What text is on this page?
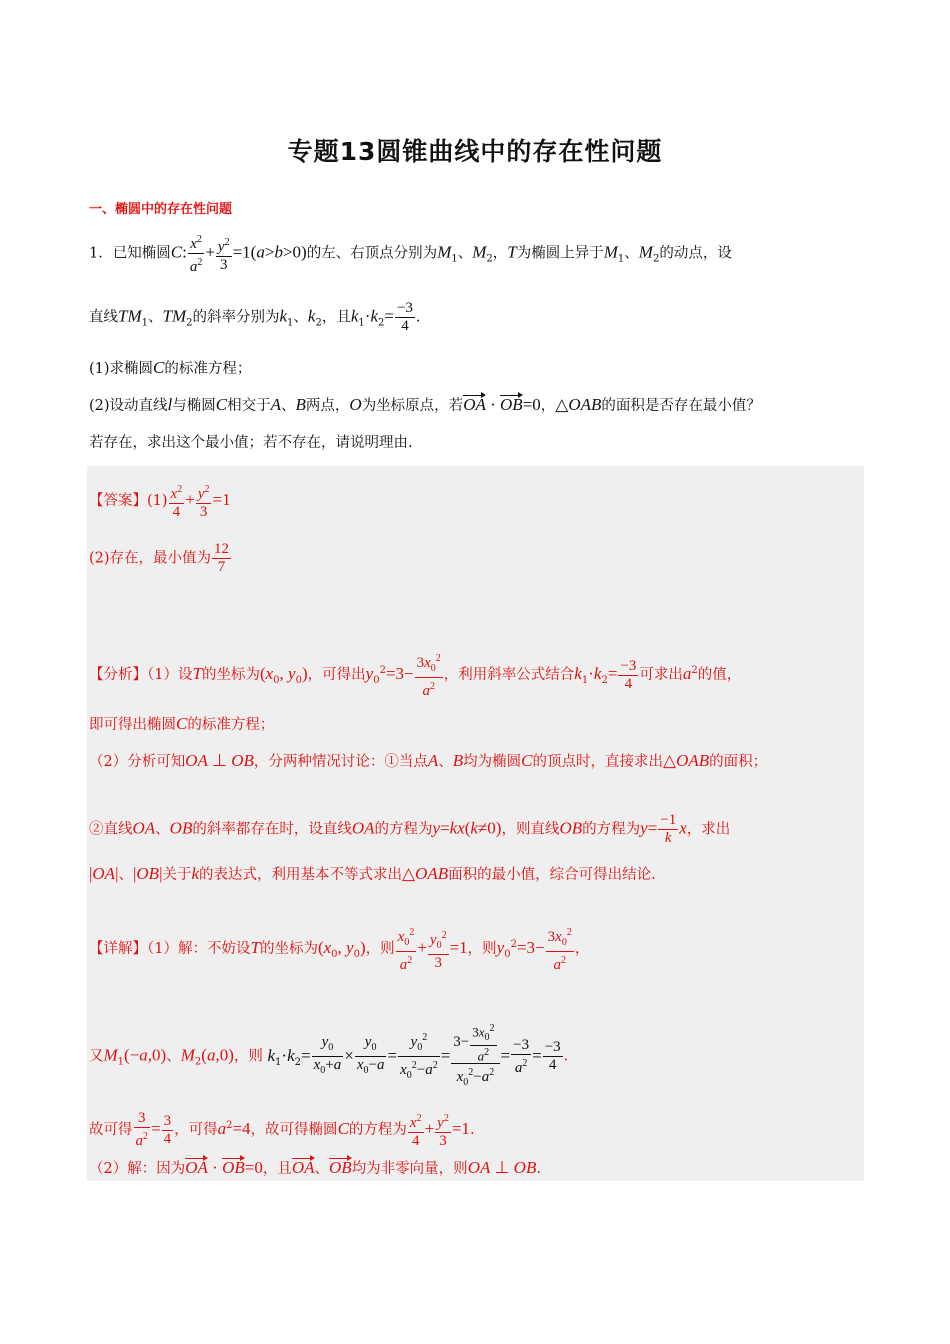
专题13圆锥曲线中的存在性问题
一、椭圆中的存在性问题
1．已知椭圆C: $\frac{x^2}{a^2} + \frac{y^2}{3} =1(a>b>0)$的左、右顶点分别为$M_1$、$M_2$，T为椭圆上异于$M_1$、$M_2$的动点，设
直线$TM_1$、$TM_2$的斜率分别为$k_1$、$k_2$，且$k_1\cdot k_2= \frac{-3}{4}$ .
(1)求椭圆C的标准方程；
(2)设动直线l与椭圆C相交于A、B两点，O为坐标原点，若OA · OB=0，△OAB的面积是否存在最小值？
若存在，求出这个最小值；若不存在，请说明理由.
【答案】$(1) \frac{x^2}{4} + \frac{y^2}{3} =1$
(2)存在，最小值为 $\frac{12}{7}$
【分析】（1）设T的坐标为($x_0$, $y_0$)，可得出$y_0^2=3- \frac{3x_0^2}{a^2}$ ，利用斜率公式结合$k_1\cdot k_2= \frac{-3}{4}$ 可求出$a^2$的值，
即可得出椭圆C的标准方程；
（2）分析可知OA ⊥ OB，分两种情况讨论：①当点A、B均为椭圆C的顶点时，直接求出△OAB的面积；
②直线OA、OB的斜率都存在时，设直线OA的方程为y=kx(k≠0)，则直线OB的方程为$y= \frac{-1}{k}$ x，求出
|OA|、|OB|关于k的表达式，利用基本不等式求出△OAB面积的最小值，综合可得出结论.
【详解】（1）解：不妨设T的坐标为($x_0$, $y_0$)，则 $\frac{x_0^2}{a^2} + \frac{y_0^2}{3} =1$，则$y_0^2=3- \frac{3x_0^2}{a^2}$ ，
又$M_1(-a,0)$、$M_2(a,0)$，则 $k_1\cdot k_2= \frac{y_0}{x_0+a} \times \frac{y_0}{x_0-a} = \frac{y_0^2}{x_0^2-a^2} = \frac{3- \frac{3x_0^2}{a^2}}{x_0^2-a^2} = \frac{-3}{a^2} = \frac{-3}{4}$ .
故可得 $\frac{3}{a^2} = \frac{3}{4}$ ，可得$a^2=4$，故可得椭圆C的方程为 $\frac{x^2}{4} + \frac{y^2}{3} =1$.
（2）解：因为OA · OB=0，且OA、OB均为非零向量，则OA ⊥ OB.
